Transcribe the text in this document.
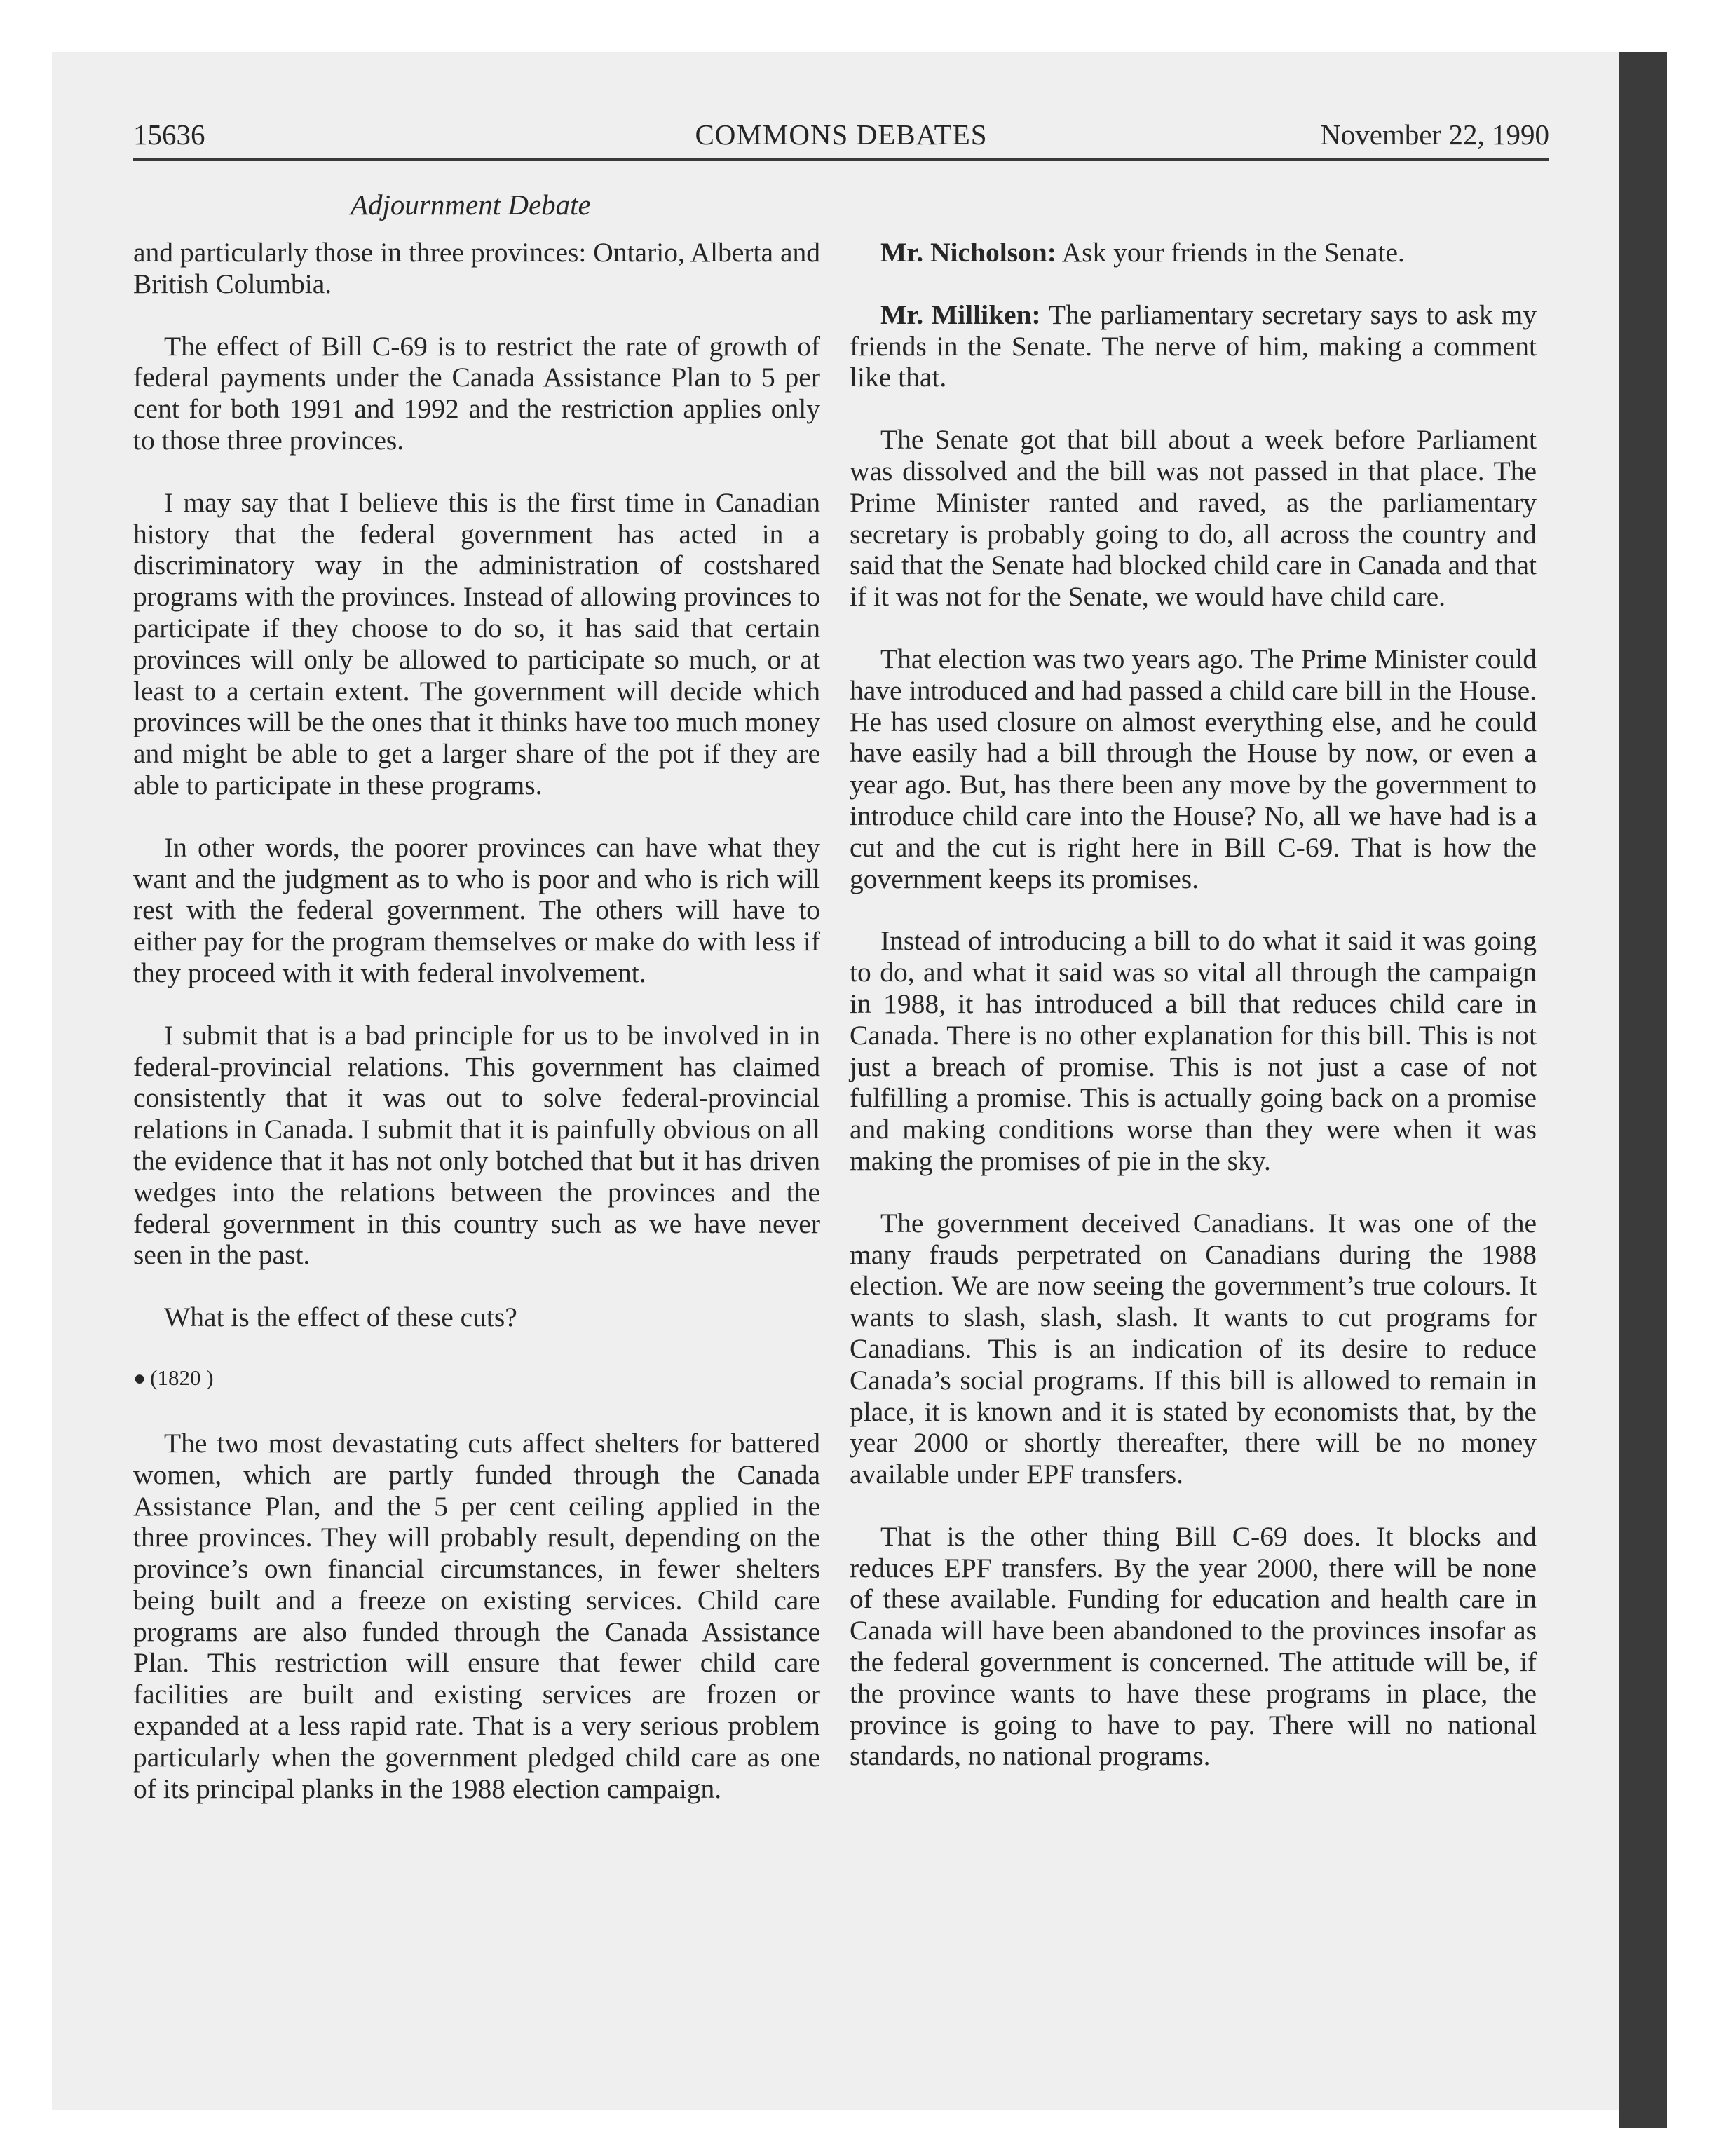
15636	COMMONS DEBATES	November 22, 1990
Adjournment Debate

and particularly those in three provinces: Ontario, Alberta and British Columbia.

The effect of Bill C-69 is to restrict the rate of growth of federal payments under the Canada Assistance Plan to 5 per cent for both 1991 and 1992 and the restriction applies only to those three provinces.

I may say that I believe this is the first time in Canadian history that the federal government has acted in a discriminatory way in the administration of costshared programs with the provinces. Instead of allowing provinces to participate if they choose to do so, it has said that certain provinces will only be allowed to participate so much, or at least to a certain extent. The government will decide which provinces will be the ones that it thinks have too much money and might be able to get a larger share of the pot if they are able to participate in these programs.

In other words, the poorer provinces can have what they want and the judgment as to who is poor and who is rich will rest with the federal government. The others will have to either pay for the program themselves or make do with less if they proceed with it with federal involvement.

I submit that is a bad principle for us to be involved in in federal-provincial relations. This government has claimed consistently that it was out to solve federal-provincial relations in Canada. I submit that it is painfully obvious on all the evidence that it has not only botched that but it has driven wedges into the relations between the provinces and the federal government in this country such as we have never seen in the past.

What is the effect of these cuts?

● (1820 )

The two most devastating cuts affect shelters for battered women, which are partly funded through the Canada Assistance Plan, and the 5 per cent ceiling applied in the three provinces. They will probably result, depending on the province’s own financial circumstances, in fewer shelters being built and a freeze on existing services. Child care programs are also funded through the Canada Assistance Plan. This restriction will ensure that fewer child care facilities are built and existing services are frozen or expanded at a less rapid rate. That is a very serious problem particularly when the government pledged child care as one of its principal planks in the 1988 election campaign.

Mr. Nicholson: Ask your friends in the Senate.

Mr. Milliken: The parliamentary secretary says to ask my friends in the Senate. The nerve of him, making a comment like that.

The Senate got that bill about a week before Parliament was dissolved and the bill was not passed in that place. The Prime Minister ranted and raved, as the parliamentary secretary is probably going to do, all across the country and said that the Senate had blocked child care in Canada and that if it was not for the Senate, we would have child care.

That election was two years ago. The Prime Minister could have introduced and had passed a child care bill in the House. He has used closure on almost everything else, and he could have easily had a bill through the House by now, or even a year ago. But, has there been any move by the government to introduce child care into the House? No, all we have had is a cut and the cut is right here in Bill C-69. That is how the government keeps its promises.

Instead of introducing a bill to do what it said it was going to do, and what it said was so vital all through the campaign in 1988, it has introduced a bill that reduces child care in Canada. There is no other explanation for this bill. This is not just a breach of promise. This is not just a case of not fulfilling a promise. This is actually going back on a promise and making conditions worse than they were when it was making the promises of pie in the sky.

The government deceived Canadians. It was one of the many frauds perpetrated on Canadians during the 1988 election. We are now seeing the government’s true colours. It wants to slash, slash, slash. It wants to cut programs for Canadians. This is an indication of its desire to reduce Canada’s social programs. If this bill is allowed to remain in place, it is known and it is stated by economists that, by the year 2000 or shortly thereafter, there will be no money available under EPF transfers.

That is the other thing Bill C-69 does. It blocks and reduces EPF transfers. By the year 2000, there will be none of these available. Funding for education and health care in Canada will have been abandoned to the provinces insofar as the federal government is concerned. The attitude will be, if the province wants to have these programs in place, the province is going to have to pay. There will no national standards, no national programs.
